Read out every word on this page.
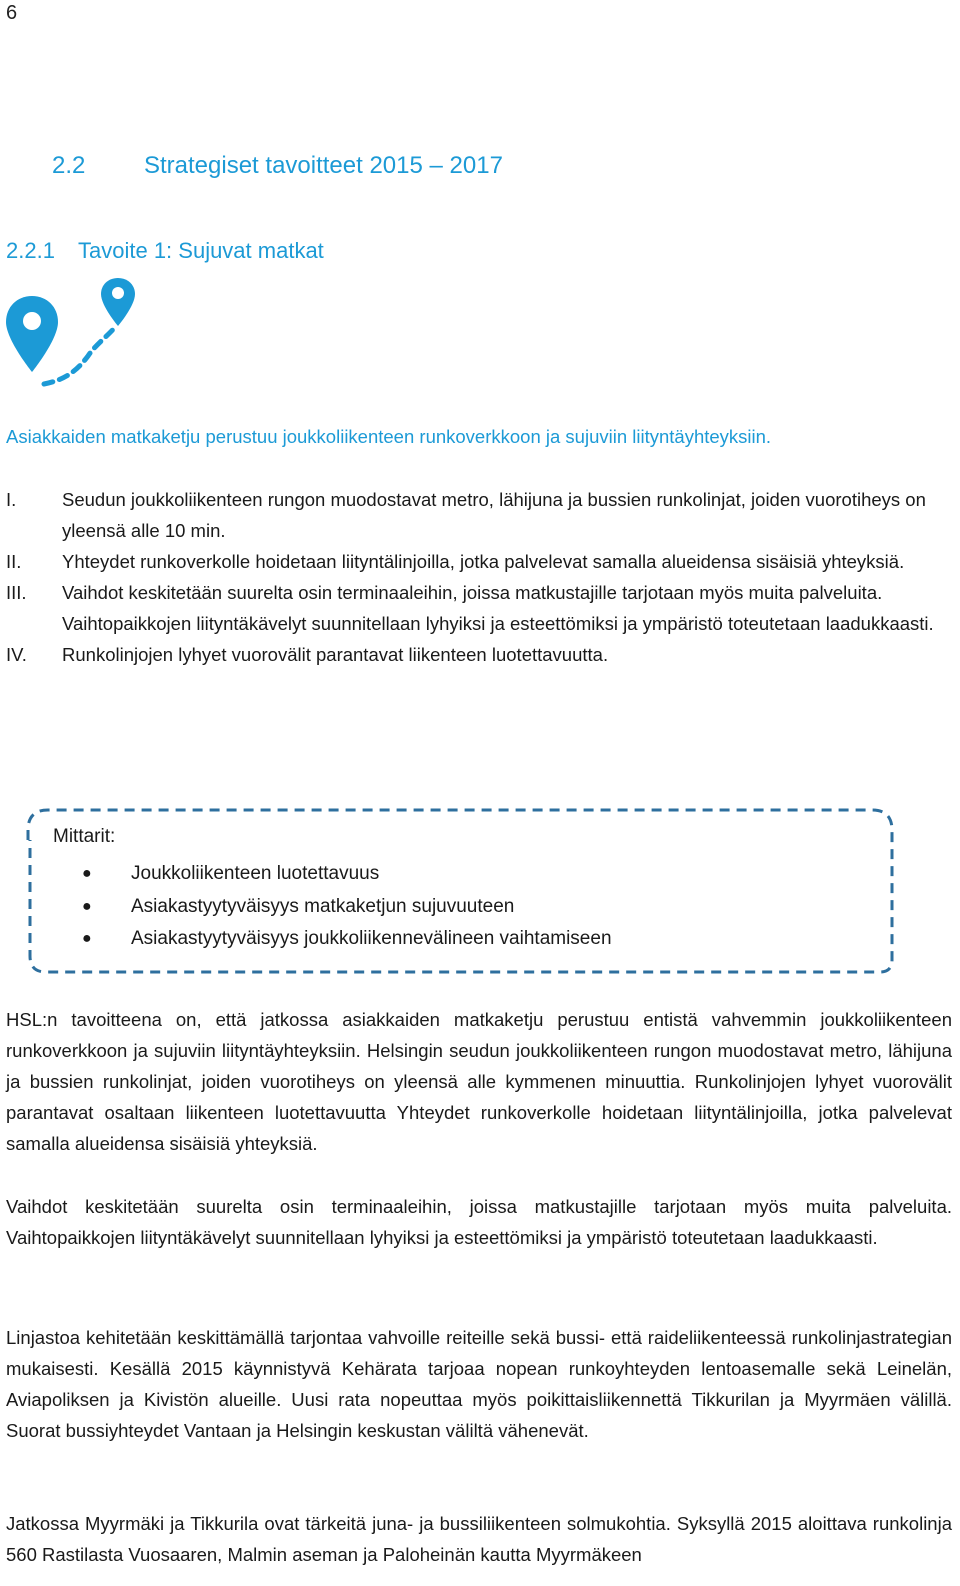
6
2.2 Strategiset tavoitteet 2015 – 2017
2.2.1 Tavoite 1: Sujuvat matkat
Asiakkaiden matkaketju perustuu joukkoliikenteen runkoverkkoon ja sujuviin liityntäyhteyksiin.
I.	Seudun joukkoliikenteen rungon muodostavat metro, lähijuna ja bussien runkolinjat, joiden vuorotiheys on yleensä alle 10 min.
II.	Yhteydet runkoverkolle hoidetaan liityntälinjoilla, jotka palvelevat samalla alueidensa sisäisiä yhteyksiä.
III.	Vaihdot keskitetään suurelta osin terminaaleihin, joissa matkustajille tarjotaan myös muita palveluita. Vaihtopaikkojen liityntäkävelyt suunnitellaan lyhyiksi ja esteettömiksi ja ympäristö toteutetaan laadukkaasti.
IV.	Runkolinjojen lyhyet vuorovälit parantavat liikenteen luotettavuutta.
Mittarit:
●	Joukkoliikenteen luotettavuus
●	Asiakastyytyväisyys matkaketjun sujuvuuteen
●	Asiakastyytyväisyys joukkoliikennevälineen vaihtamiseen
HSL:n tavoitteena on, että jatkossa asiakkaiden matkaketju perustuu entistä vahvemmin joukkoliikenteen runkoverkkoon ja sujuviin liityntäyhteyksiin. Helsingin seudun joukkoliikenteen rungon muodostavat metro, lähijuna ja bussien runkolinjat, joiden vuorotiheys on yleensä alle kymmenen minuuttia. Runkolinjojen lyhyet vuorovälit parantavat osaltaan liikenteen luotettavuutta Yhteydet runkoverkolle hoidetaan liityntälinjoilla, jotka palvelevat samalla alueidensa sisäisiä yhteyksiä.
Vaihdot keskitetään suurelta osin terminaaleihin, joissa matkustajille tarjotaan myös muita palveluita. Vaihtopaikkojen liityntäkävelyt suunnitellaan lyhyiksi ja esteettömiksi ja ympäristö toteutetaan laadukkaasti.
Linjastoa kehitetään keskittämällä tarjontaa vahvoille reiteille sekä bussi- että raideliikenteessä runkolinjastrategian mukaisesti. Kesällä 2015 käynnistyvä Kehärata tarjoaa nopean runkoyhteyden lentoasemalle sekä Leinelän, Aviapoliksen ja Kivistön alueille. Uusi rata nopeuttaa myös poikittaisliikennettä Tikkurilan ja Myyrmäen välillä. Suorat bussiyhteydet Vantaan ja Helsingin keskustan väliltä vähenevät.
Jatkossa Myyrmäki ja Tikkurila ovat tärkeitä juna- ja bussiliikenteen solmukohtia. Syksyllä 2015 aloittava runkolinja 560 Rastilasta Vuosaaren, Malmin aseman ja Paloheinän kautta Myyrmäkeen
